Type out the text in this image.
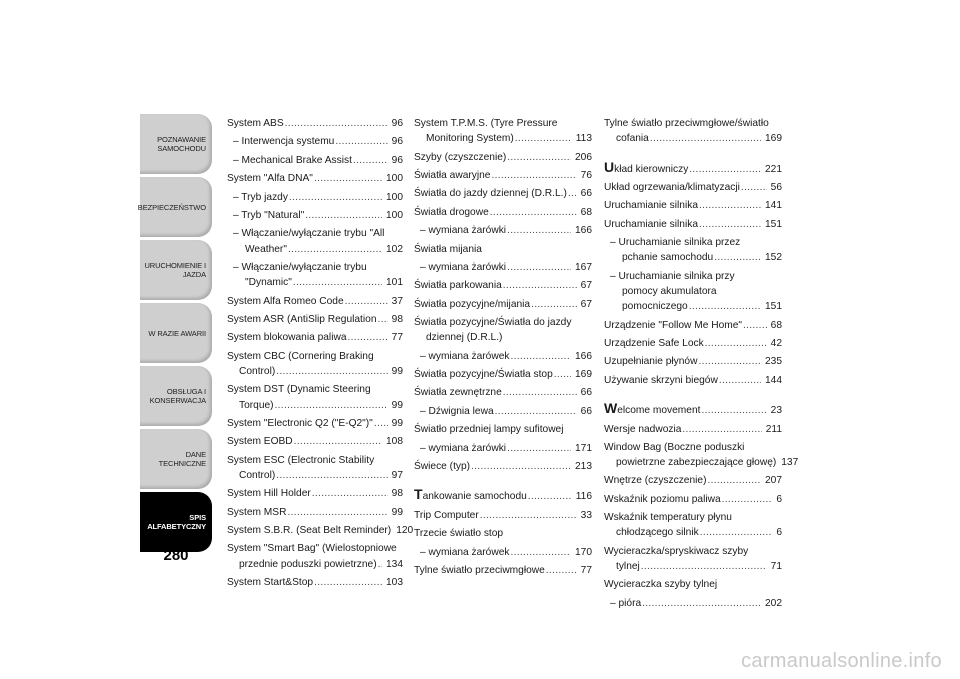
POZNAWANIE
SAMOCHODU
BEZPIECZEŃSTWO
URUCHOMIENIE I
JAZDA
W RAZIE AWARII
OBSŁUGA I
KONSERWACJA
DANE TECHNICZNE
SPIS
ALFABETYCZNY
280
System ABS .....	96
– Interwencja systemu .....	96
– Mechanical Brake Assist .....	96
System "Alfa DNA" .....	100
– Tryb jazdy .....	100
– Tryb "Natural" .....	100
– Włączanie/wyłączanie trybu "All
Weather" .....	102
– Włączanie/wyłączanie trybu
"Dynamic" .....	101
System Alfa Romeo Code .....	37
System ASR (AntiSlip Regulation ..... 98
System blokowania paliwa .....	77
System CBC (Cornering Braking
Control) .....	99
System DST (Dynamic Steering
Torque) .....	99
System "Electronic Q2 ("E-Q2")" ..... 99
System EOBD .....	108
System ESC (Electronic Stability
Control) .....	97
System Hill Holder .....	98
System MSR .....	99
System S.B.R. (Seat Belt Reminder) 120
System "Smart Bag" (Wielostopniowe
przednie poduszki powietrzne) ..... 134
System Start&Stop .....	103
System T.P.M.S. (Tyre Pressure
Monitoring System) .....	113
Szyby (czyszczenie) .....	206
Światła awaryjne .....	76
Światła do jazdy dziennej (D.R.L.) ..... 66
Światła drogowe .....	68
– wymiana żarówki .....	166
Światła mijania
– wymiana żarówki .....	167
Światła parkowania .....	67
Światła pozycyjne/mijania .....	67
Światła pozycyjne/Światła do jazdy
dziennej (D.R.L.)
– wymiana żarówek .....	166
Światła pozycyjne/Światła stop ..... 169
Światła zewnętrzne .....	66
– Dźwignia lewa .....	66
Światło przedniej lampy sufitowej
– wymiana żarówki .....	171
Świece (typ) .....	213
Tankowanie samochodu .....	116
Trip Computer .....	33
Trzecie światło stop
– wymiana żarówek .....	170
Tylne światło przeciwmgłowe .....	77
Tylne światło przeciwmgłowe/światło
cofania .....	169
Układ kierowniczy .....	221
Układ ogrzewania/klimatyzacji .....	56
Uruchamianie silnika .....	141
Uruchamianie silnika .....	151
– Uruchamianie silnika przez
pchanie samochodu .....	152
– Uruchamianie silnika przy
pomocy akumulatora
pomocniczego .....	151
Urządzenie "Follow Me Home" .....	68
Urządzenie Safe Lock .....	42
Uzupełnianie płynów .....	235
Używanie skrzyni biegów .....	144
Welcome movement .....	23
Wersje nadwozia .....	211
Window Bag (Boczne poduszki
powietrzne zabezpieczające głowę) 137
Wnętrze (czyszczenie) .....	207
Wskaźnik poziomu paliwa .....	6
Wskaźnik temperatury płynu
chłodzącego silnik .....	6
Wycieraczka/spryskiwacz szyby
tylnej .....	71
Wycieraczka szyby tylnej
– pióra .....	202
carmanualsonline.info
